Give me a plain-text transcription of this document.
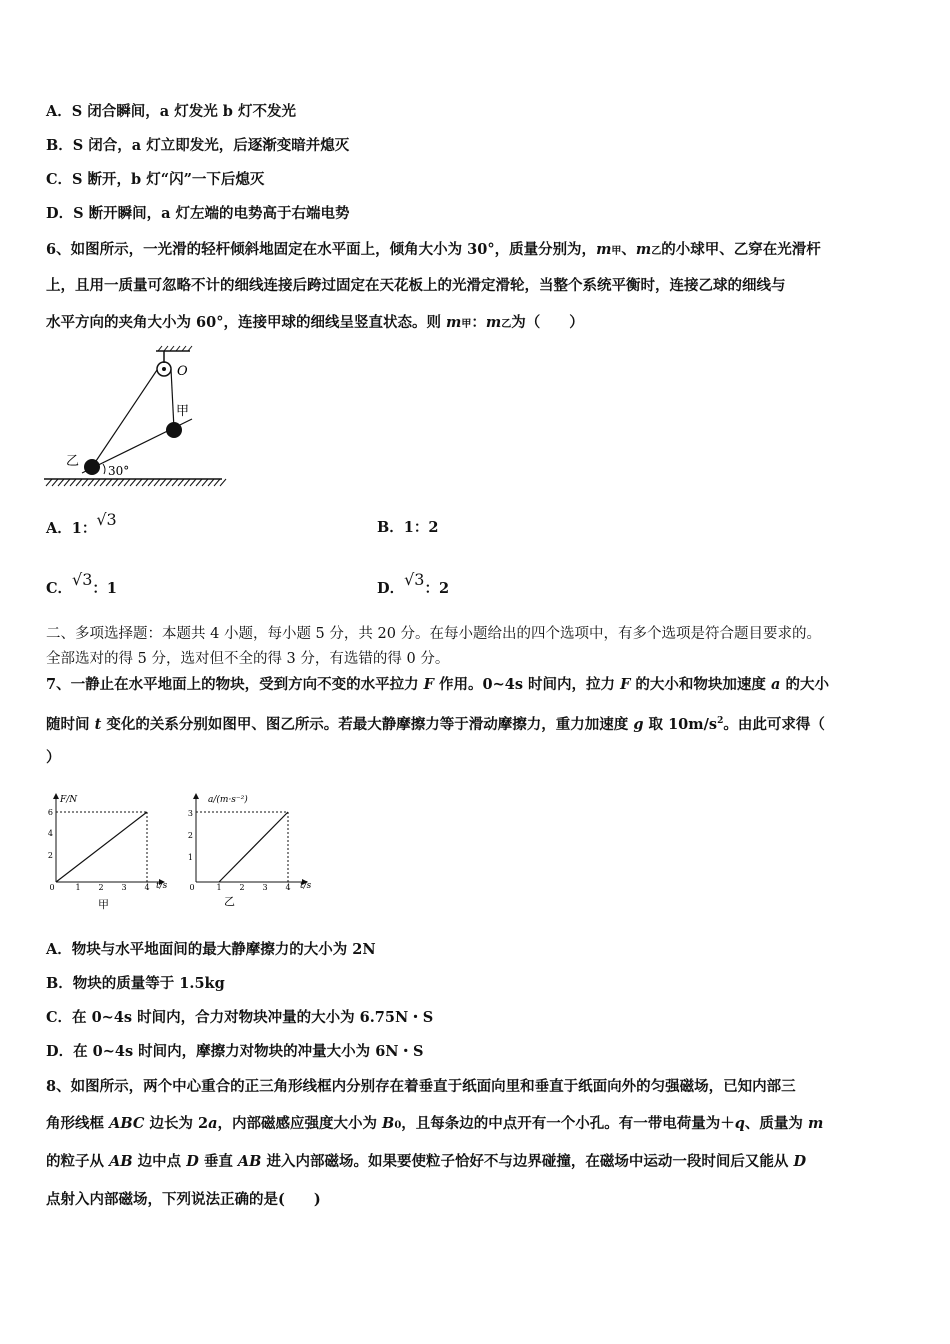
A．S 闭合瞬间，a 灯发光 b 灯不发光
B．S 闭合，a 灯立即发光，后逐渐变暗并熄灭
C．S 断开，b 灯“闪”一下后熄灭
D．S 断开瞬间，a 灯左端的电势高于右端电势
6、如图所示，一光滑的轻杆倾斜地固定在水平面上，倾角大小为 30°，质量分别为，m甲、m乙的小球甲、乙穿在光滑杆
上，且用一质量可忽略不计的细线连接后跨过固定在天花板上的光滑定滑轮，当整个系统平衡时，连接乙球的细线与
水平方向的夹角大小为 60°，连接甲球的细线呈竖直状态。则 m甲：m乙为（　　）
O
甲
乙
30°
A．1：√3	B．1：2
C．√3：1	D．√3：2
二、多项选择题：本题共 4 小题，每小题 5 分，共 20 分。在每小题给出的四个选项中，有多个选项是符合题目要求的。
全部选对的得 5 分，选对但不全的得 3 分，有选错的得 0 分。
7、一静止在水平地面上的物块，受到方向不变的水平拉力 F 作用。0~4s 时间内，拉力 F 的大小和物块加速度 a 的大小
随时间 t 变化的关系分别如图甲、图乙所示。若最大静摩擦力等于滑动摩擦力，重力加速度 g 取 $10m/s^2$。由此可求得（
）
F/N
t/s
2
4
6
0	1 2 3 4
甲
a/(m·s⁻²)
t/s
1
2
3
0	1 2 3 4
乙
A．物块与水平地面间的最大静摩擦力的大小为 2N
B．物块的质量等于 1.5kg
C．在 0~4s 时间内，合力对物块冲量的大小为 6.75N・S
D．在 0~4s 时间内，摩擦力对物块的冲量大小为 6N・S
8、如图所示，两个中心重合的正三角形线框内分别存在着垂直于纸面向里和垂直于纸面向外的匀强磁场，已知内部三
角形线框 ABC 边长为 2a，内部磁感应强度大小为 B0，且每条边的中点开有一个小孔。有一带电荷量为＋q、质量为 m
的粒子从 AB 边中点 D 垂直 AB 进入内部磁场。如果要使粒子恰好不与边界碰撞，在磁场中运动一段时间后又能从 D
点射入内部磁场，下列说法正确的是(　　)
